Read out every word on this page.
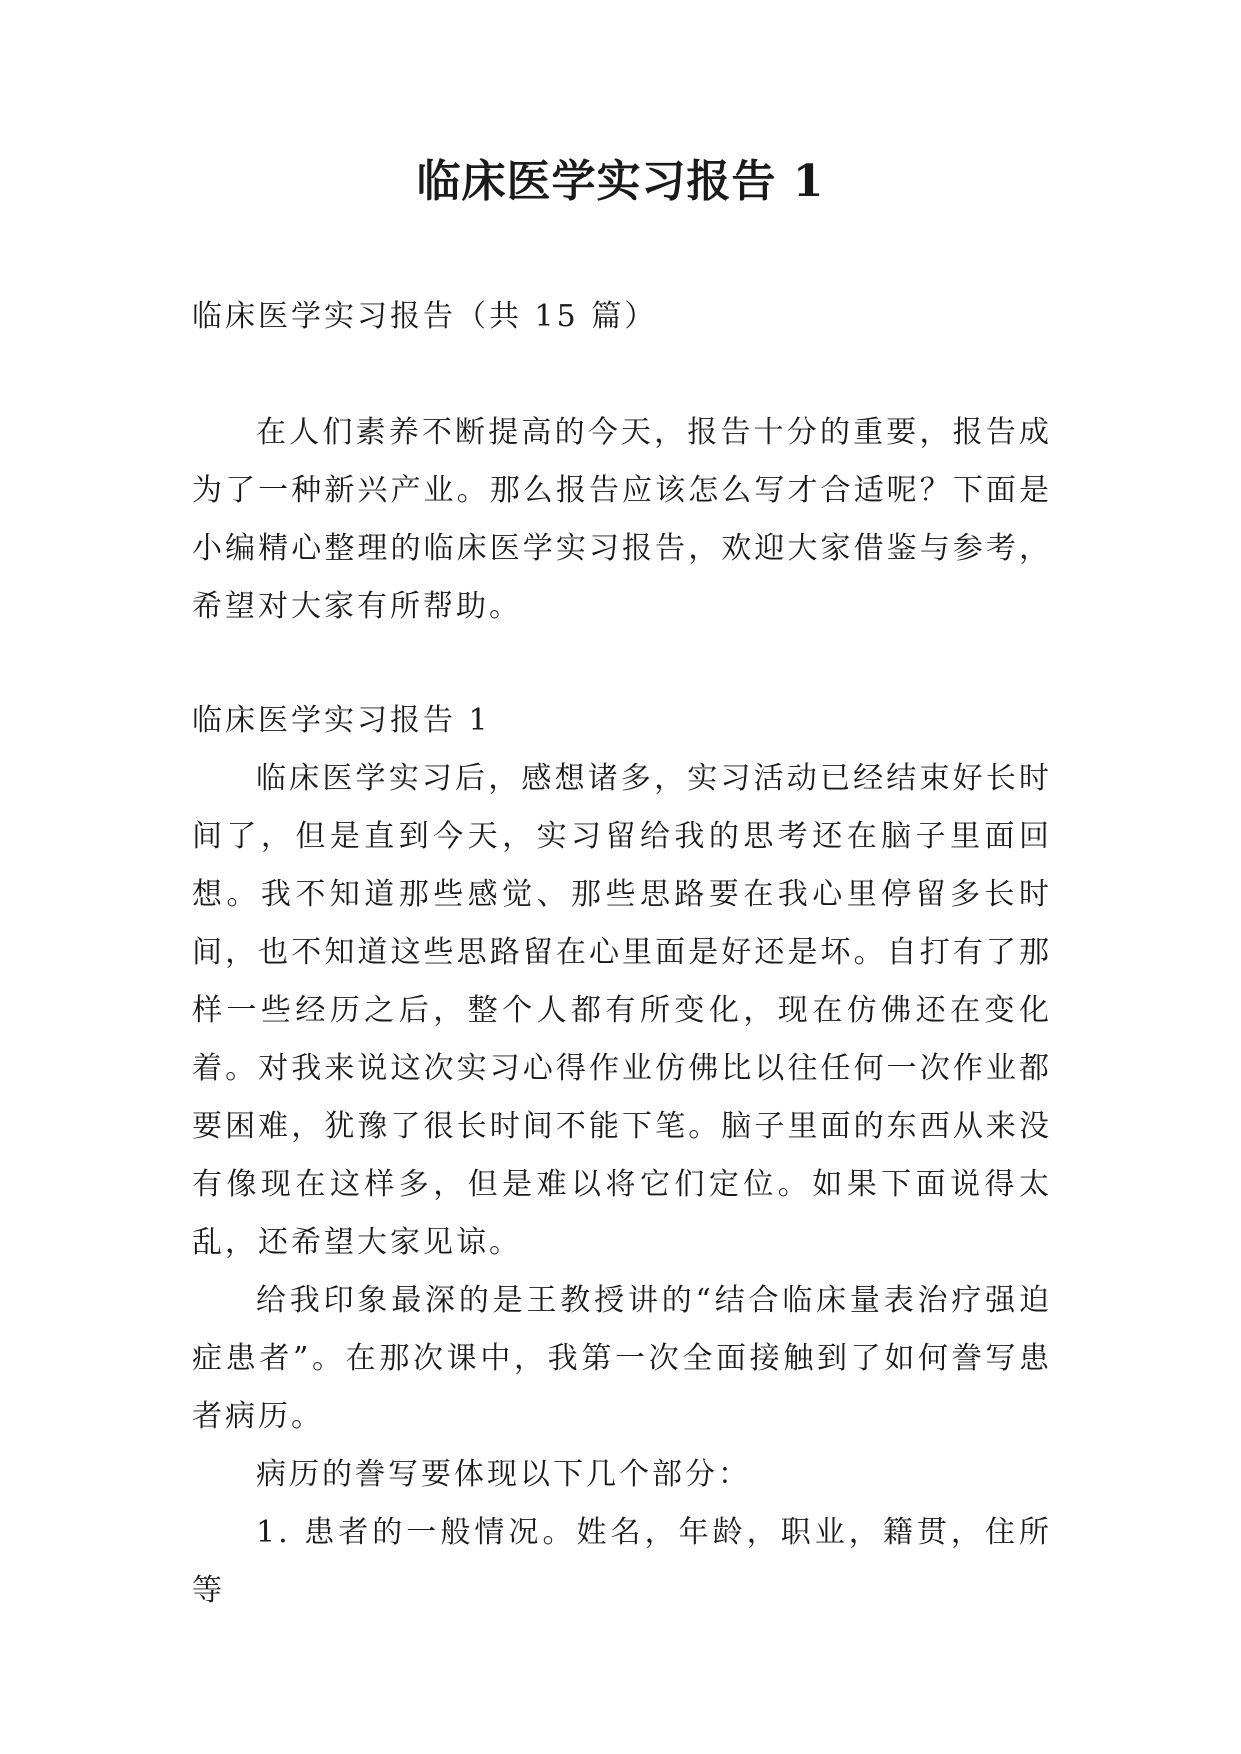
临床医学实习报告 1
临床医学实习报告（共 15 篇）
在人们素养不断提高的今天，报告十分的重要，报告成为了一种新兴产业。那么报告应该怎么写才合适呢？下面是小编精心整理的临床医学实习报告，欢迎大家借鉴与参考，希望对大家有所帮助。
临床医学实习报告 1
临床医学实习后，感想诸多，实习活动已经结束好长时间了，但是直到今天，实习留给我的思考还在脑子里面回想。我不知道那些感觉、那些思路要在我心里停留多长时间，也不知道这些思路留在心里面是好还是坏。自打有了那样一些经历之后，整个人都有所变化，现在仿佛还在变化着。对我来说这次实习心得作业仿佛比以往任何一次作业都要困难，犹豫了很长时间不能下笔。脑子里面的东西从来没有像现在这样多，但是难以将它们定位。如果下面说得太乱，还希望大家见谅。
给我印象最深的是王教授讲的“结合临床量表治疗强迫症患者”。在那次课中，我第一次全面接触到了如何誊写患者病历。
病历的誊写要体现以下几个部分：
1. 患者的一般情况。姓名，年龄，职业，籍贯，住所等
